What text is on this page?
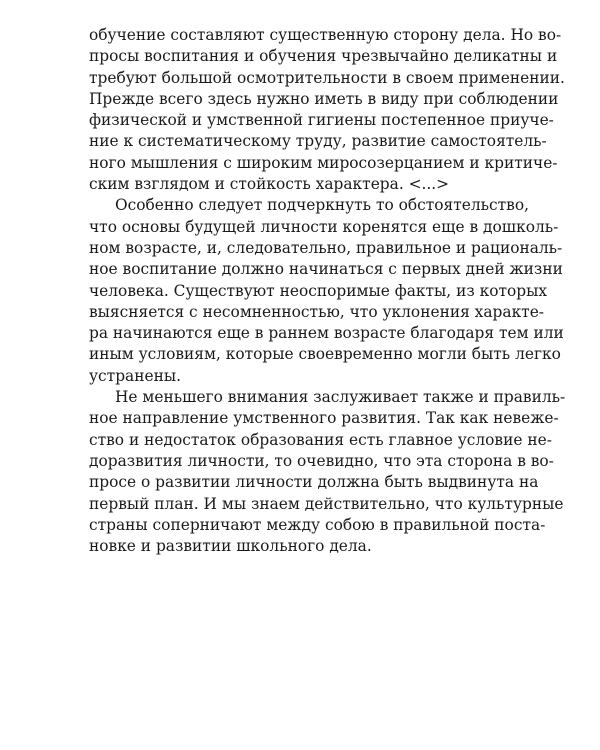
обучение составляют существенную сторону дела. Но во-
просы воспитания и обучения чрезвычайно деликатны и
требуют большой осмотрительности в своем применении.
Прежде всего здесь нужно иметь в виду при соблюдении
физической и умственной гигиены постепенное приуче-
ние к систематическому труду, развитие самостоятель-
ного мышления с широким миросозерцанием и критиче-
ским взглядом и стойкость характера. <...>
Особенно следует подчеркнуть то обстоятельство,
что основы будущей личности коренятся еще в дошколь-
ном возрасте, и, следовательно, правильное и рациональ-
ное воспитание должно начинаться с первых дней жизни
человека. Существуют неоспоримые факты, из которых
выясняется с несомненностью, что уклонения характе-
ра начинаются еще в раннем возрасте благодаря тем или
иным условиям, которые своевременно могли быть легко
устранены.
Не меньшего внимания заслуживает также и правиль-
ное направление умственного развития. Так как невеже-
ство и недостаток образования есть главное условие не-
доразвития личности, то очевидно, что эта сторона в во-
просе о развитии личности должна быть выдвинута на
первый план. И мы знаем действительно, что культурные
страны соперничают между собою в правильной поста-
новке и развитии школьного дела.
